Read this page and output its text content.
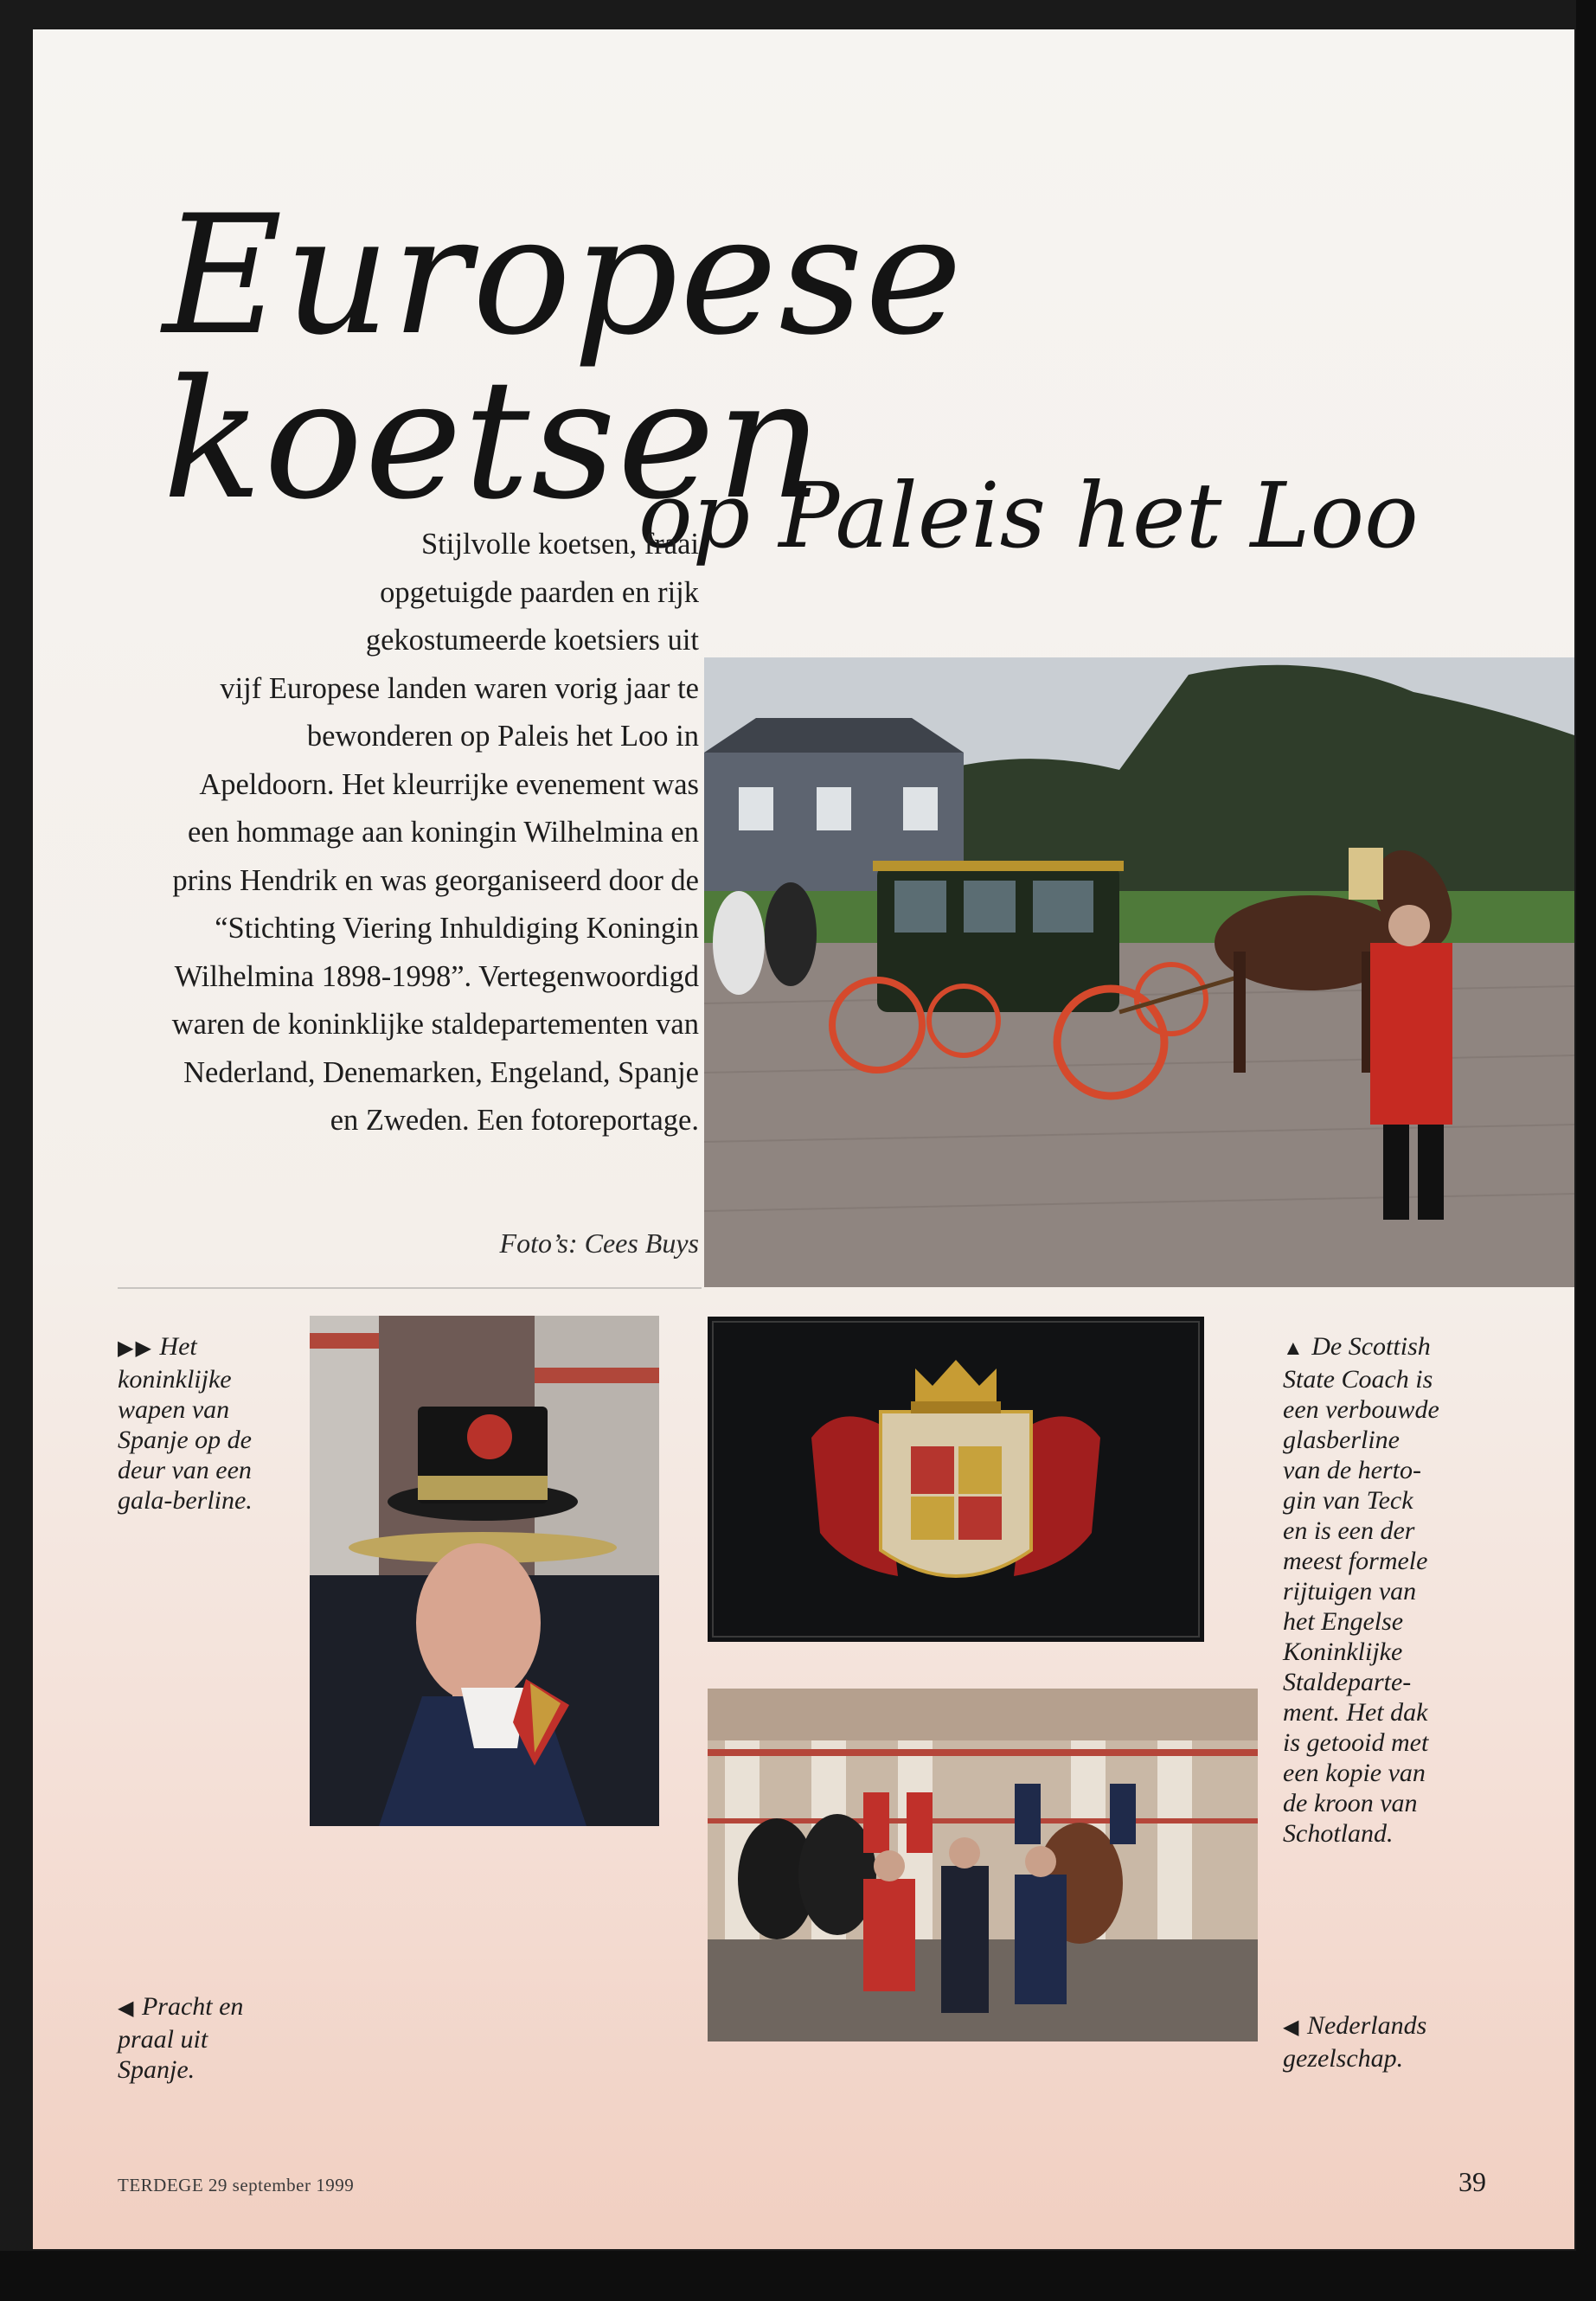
Europese koetsen
op Paleis het Loo
Stijlvolle koetsen, fraai
opgetuigde paarden en rijk
gekostumeerde koetsiers uit
vijf Europese landen waren vorig jaar te
bewonderen op Paleis het Loo in
Apeldoorn. Het kleurrijke evenement was
een hommage aan koningin Wilhelmina en
prins Hendrik en was georganiseerd door de
“Stichting Viering Inhuldiging Koningin
Wilhelmina 1898-1998”. Vertegenwoordigd
waren de koninklijke staldepartementen van
Nederland, Denemarken, Engeland, Spanje
en Zweden. Een fotoreportage.
Foto’s: Cees Buys
▶▶ Het
koninklijke
wapen van
Spanje op de
deur van een
gala-berline.
▲ De Scottish
State Coach is
een verbouwde
glasberline
van de herto-
gin van Teck
en is een der
meest formele
rijtuigen van
het Engelse
Koninklijke
Staldeparte-
ment. Het dak
is getooid met
een kopie van
de kroon van
Schotland.
◀ Pracht en
praal uit
Spanje.
◀ Nederlands
gezelschap.
TERDEGE 29 september 1999	39
